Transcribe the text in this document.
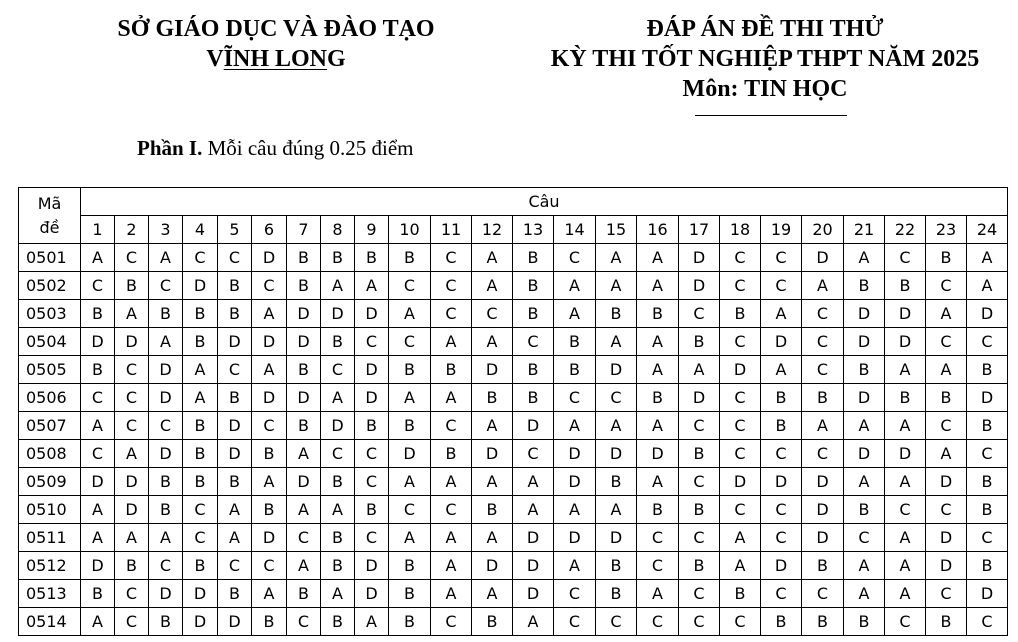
SỞ GIÁO DỤC VÀ ĐÀO TẠO
VĨNH LONG
ĐÁP ÁN ĐỀ THI THỬ
KỲ THI TỐT NGHIỆP THPT NĂM 2025
Môn: TIN HỌC
Phần I. Mỗi câu đúng 0.25 điểm
Mã
đề	Câu																							
	1	2	3	4	5	6	7	8	9	10	11	12	13	14	15	16	17	18	19	20	21	22	23	24
0501	A	C	A	C	C	D	B	B	B	B	C	A	B	C	A	A	D	C	C	D	A	C	B	A
0502	C	B	C	D	B	C	B	A	A	C	C	A	B	A	A	A	D	C	C	A	B	B	C	A
0503	B	A	B	B	B	A	D	D	D	A	C	C	B	A	B	B	C	B	A	C	D	D	A	D
0504	D	D	A	B	D	D	D	B	C	C	A	A	C	B	A	A	B	C	D	C	D	D	C	C
0505	B	C	D	A	C	A	B	C	D	B	B	D	B	B	D	A	A	D	A	C	B	A	A	B
0506	C	C	D	A	B	D	D	A	D	A	A	B	B	C	C	B	D	C	B	B	D	B	B	D
0507	A	C	C	B	D	C	B	D	B	B	C	A	D	A	A	A	C	C	B	A	A	A	C	B
0508	C	A	D	B	D	B	A	C	C	D	B	D	C	D	D	D	B	C	C	C	D	D	A	C
0509	D	D	B	B	B	A	D	B	C	A	A	A	A	D	B	A	C	D	D	D	A	A	D	B
0510	A	D	B	C	A	B	A	A	B	C	C	B	A	A	A	B	B	C	C	D	B	C	C	B
0511	A	A	A	C	A	D	C	B	C	A	A	A	D	D	D	C	C	A	C	D	C	A	D	C
0512	D	B	C	B	C	C	A	B	D	B	A	D	D	A	B	C	B	A	D	B	A	A	D	B
0513	B	C	D	D	B	A	B	A	D	B	A	A	D	C	B	A	C	B	C	C	A	A	C	D
0514	A	C	B	D	D	B	C	B	A	B	C	B	A	C	C	C	C	C	B	B	B	C	B	C
